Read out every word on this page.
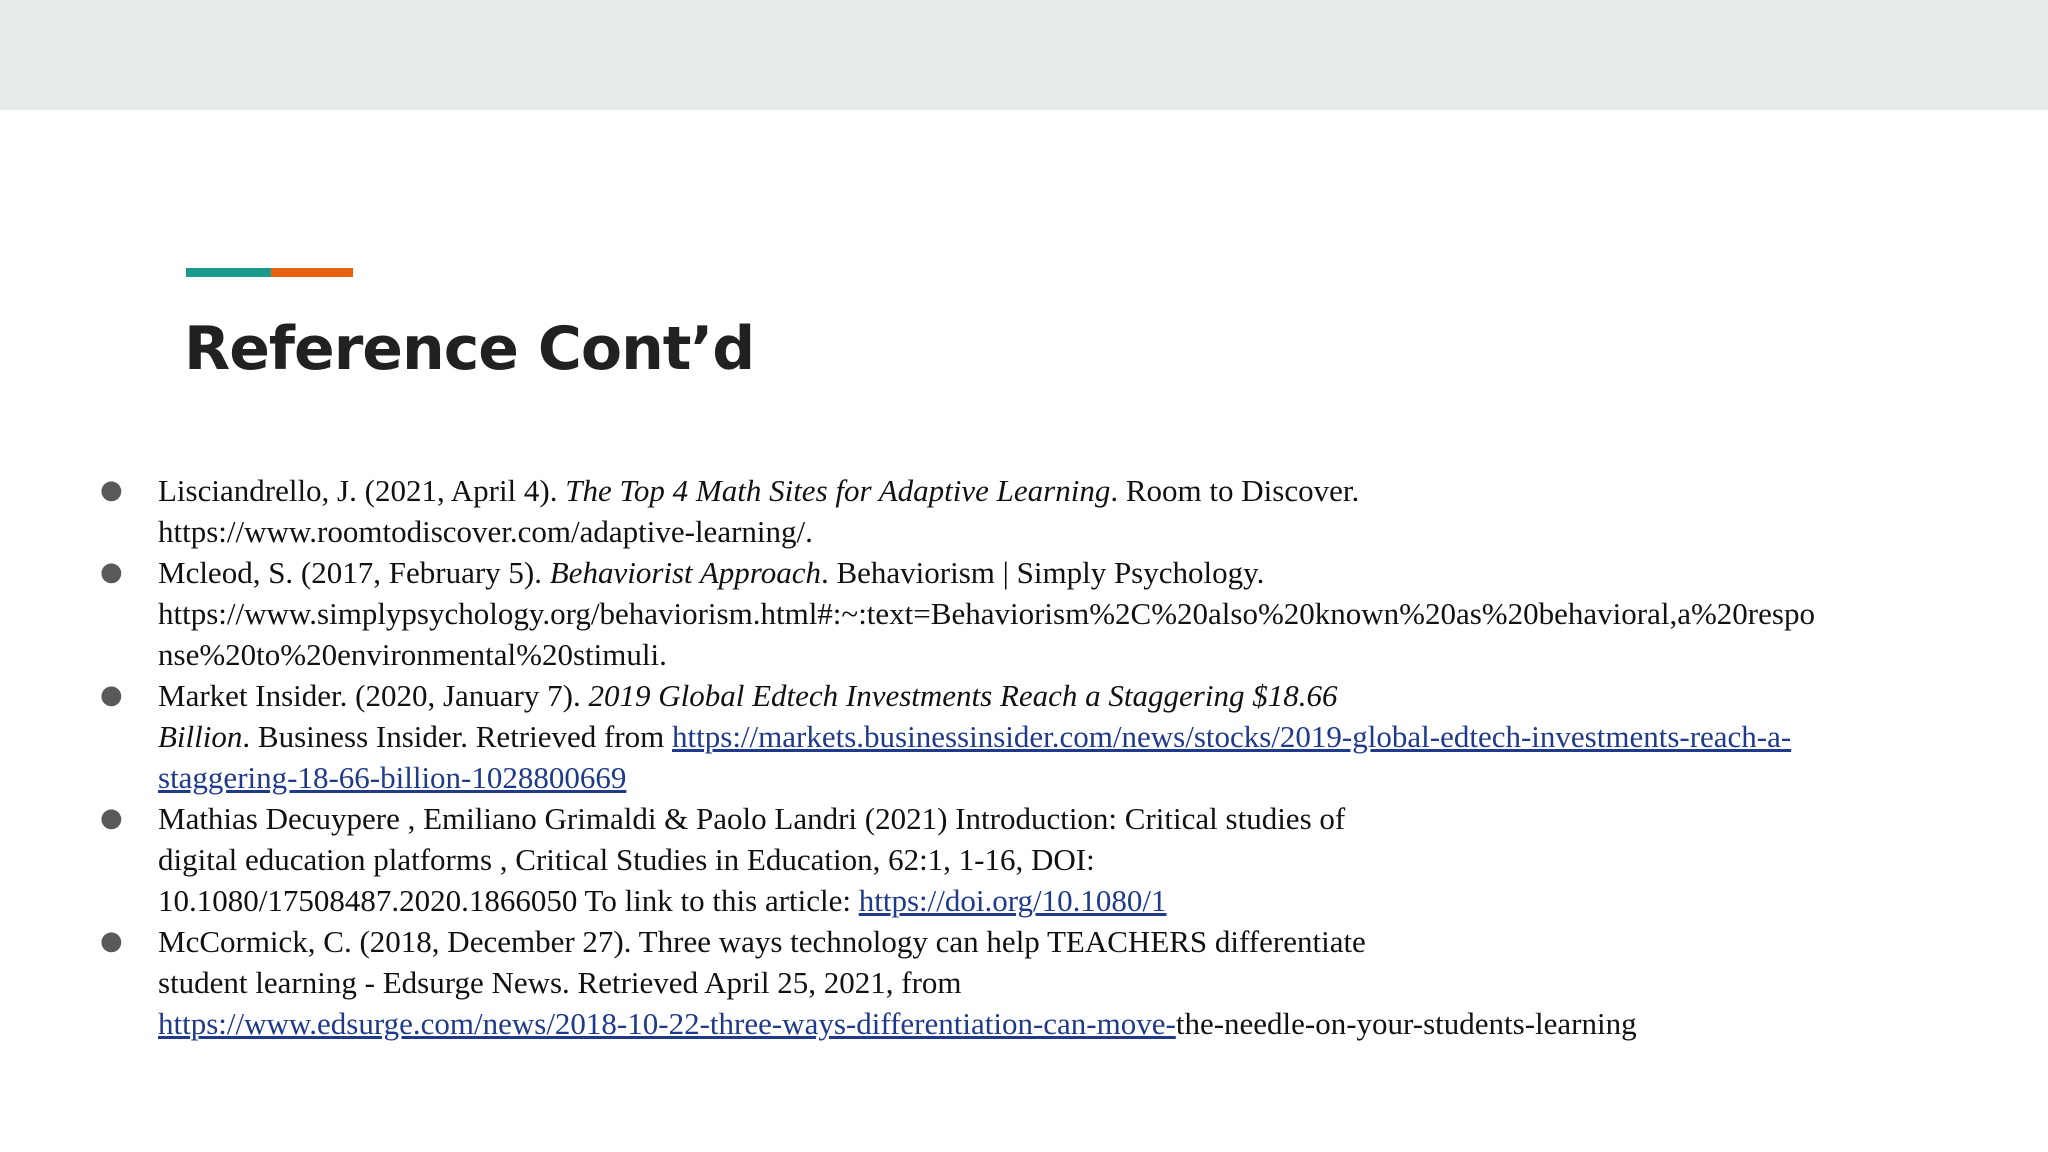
Reference Cont’d
● Lisciandrello, J. (2021, April 4). The Top 4 Math Sites for Adaptive Learning. Room to Discover.
https://www.roomtodiscover.com/adaptive-learning/.
● Mcleod, S. (2017, February 5). Behaviorist Approach. Behaviorism | Simply Psychology.
https://www.simplypsychology.org/behaviorism.html#:~:text=Behaviorism%2C%20also%20known%20as%20behavioral,a%20respo
nse%20to%20environmental%20stimuli.
● Market Insider. (2020, January 7). 2019 Global Edtech Investments Reach a Staggering $18.66
Billion. Business Insider. Retrieved from https://markets.businessinsider.com/news/stocks/2019-global-edtech-investments-reach-a-
staggering-18-66-billion-1028800669
● Mathias Decuypere , Emiliano Grimaldi & Paolo Landri (2021) Introduction: Critical studies of
digital education platforms , Critical Studies in Education, 62:1, 1-16, DOI:
10.1080/17508487.2020.1866050 To link to this article: https://doi.org/10.1080/1
● McCormick, C. (2018, December 27). Three ways technology can help TEACHERS differentiate
student learning - Edsurge News. Retrieved April 25, 2021, from
https://www.edsurge.com/news/2018-10-22-three-ways-differentiation-can-move-the-needle-on-your-students-learning
